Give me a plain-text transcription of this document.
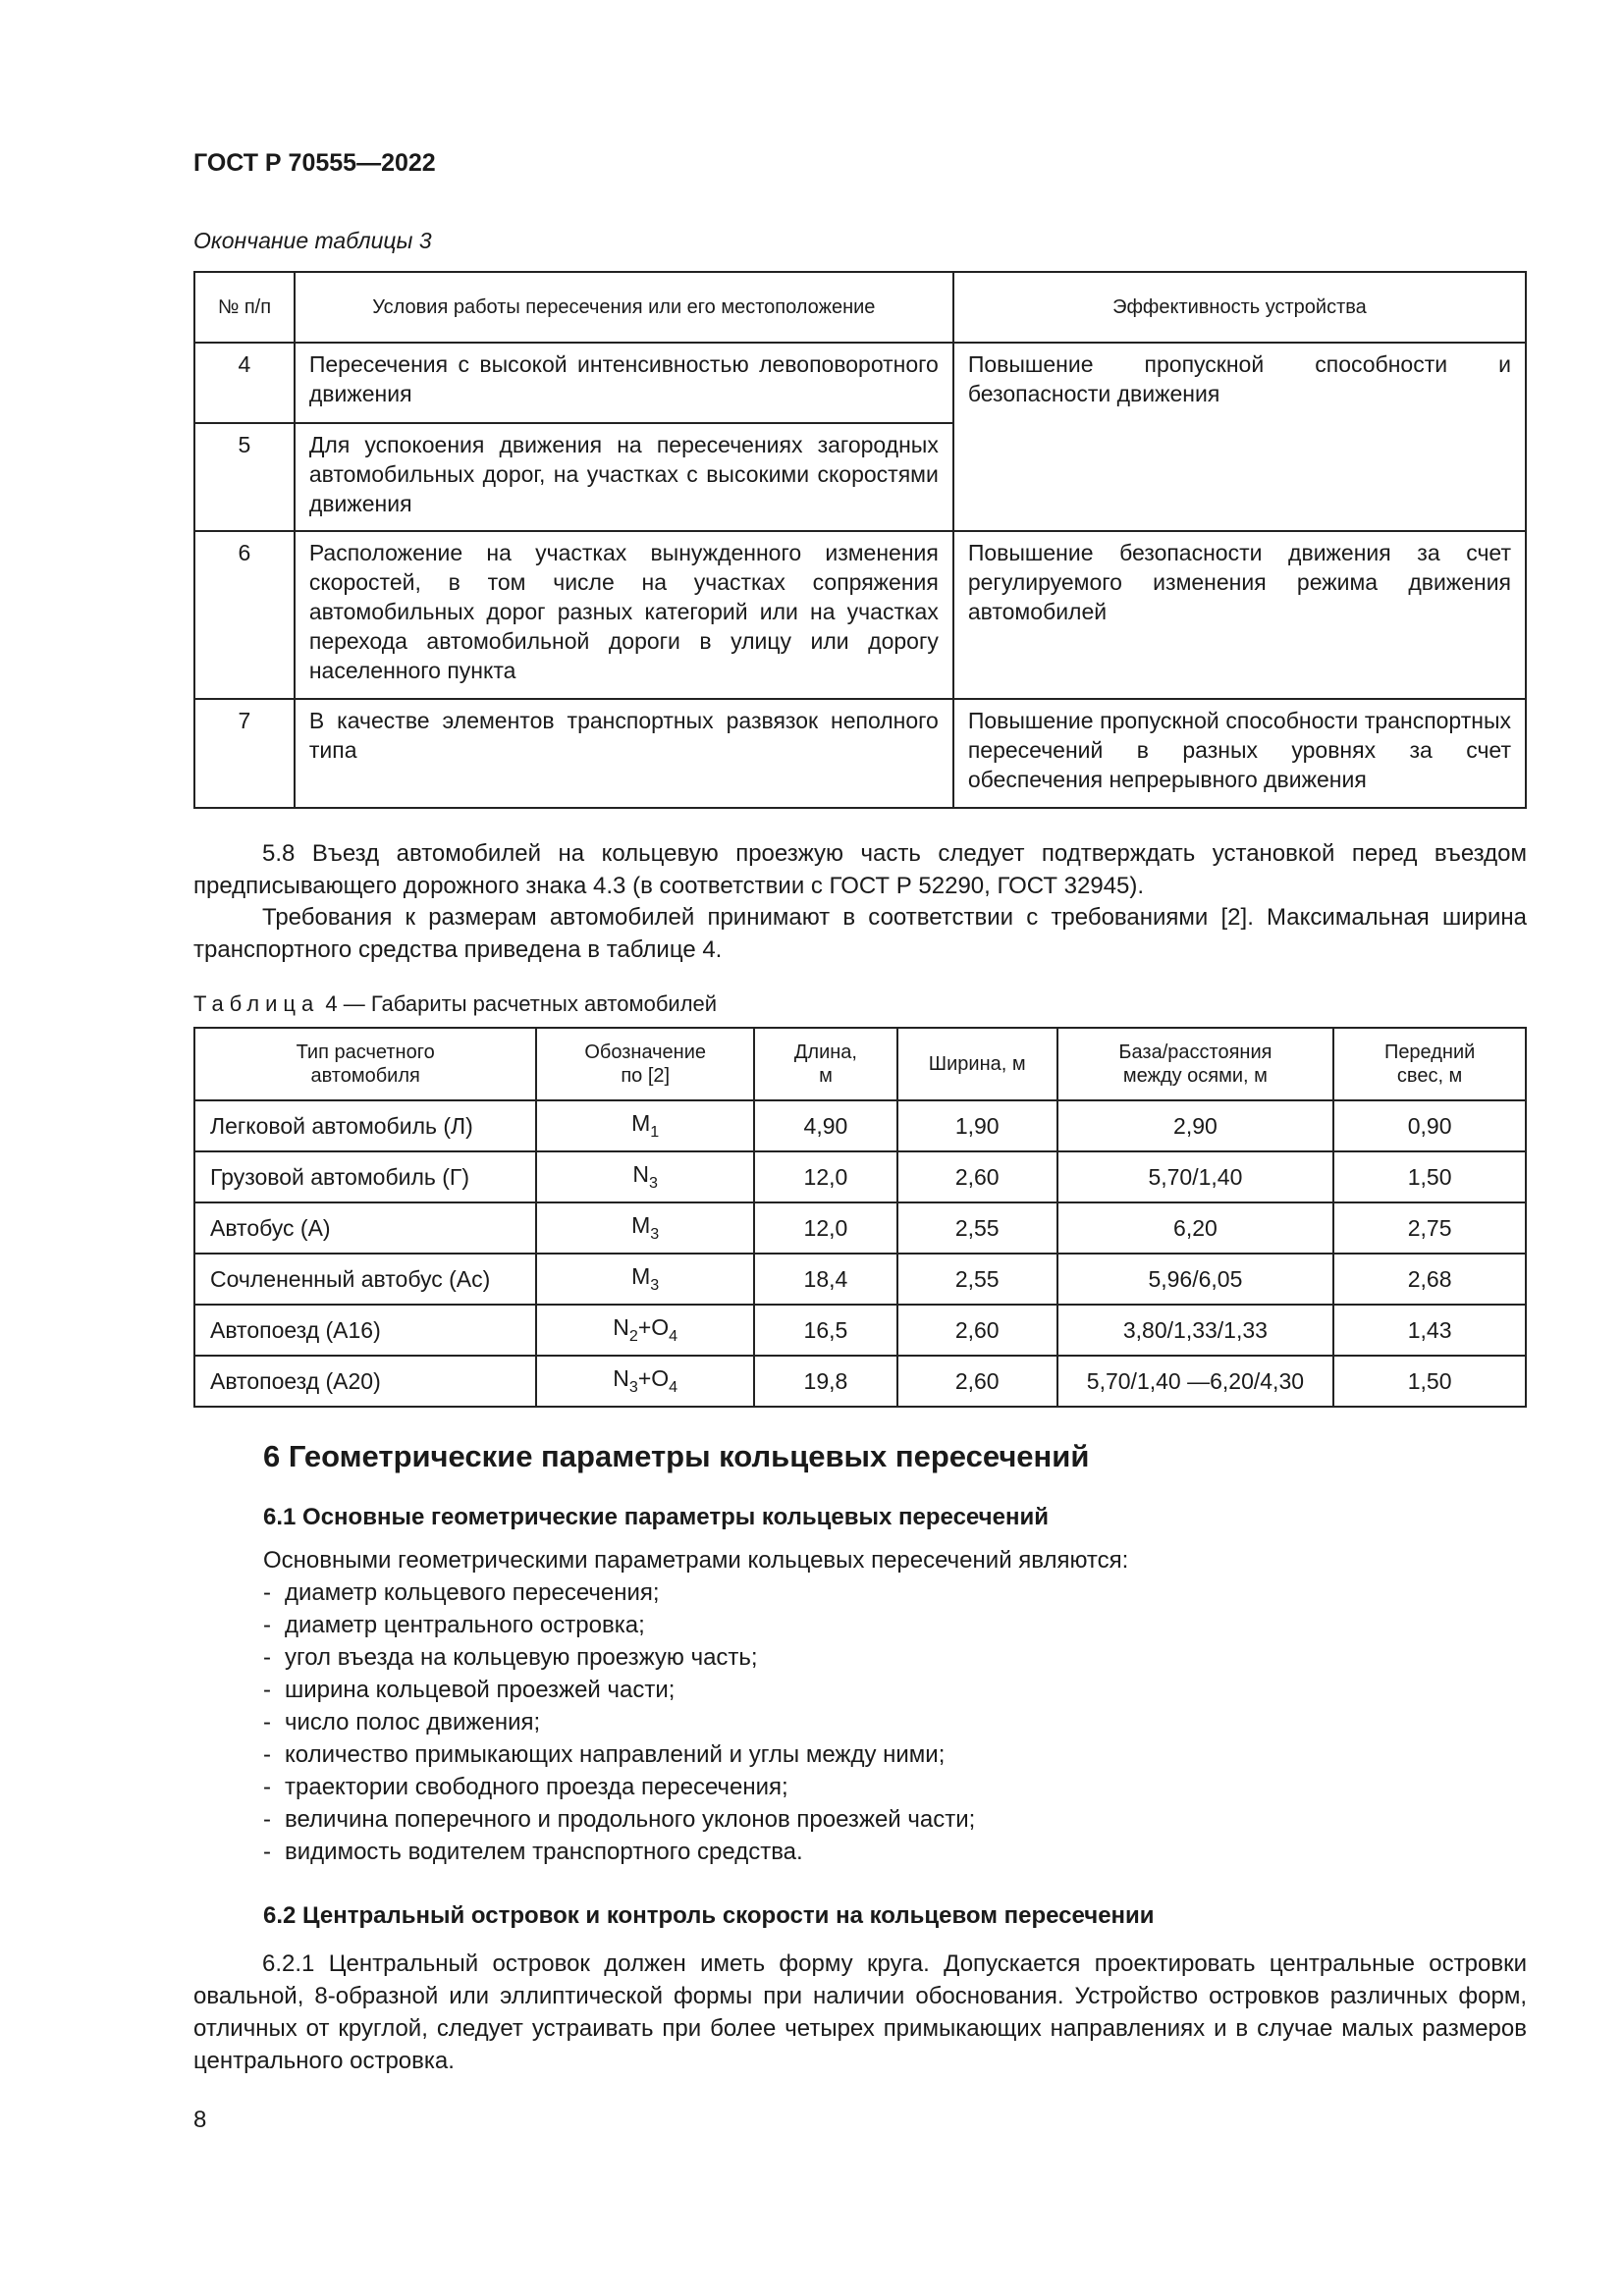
ГОСТ Р 70555—2022
Окончание таблицы 3
№ п/п	Условия работы пересечения или его местоположение	Эффективность устройства
4	Пересечения с высокой интенсивностью левоповоротного движения	Повышение пропускной способности и безопасности движения
5	Для успокоения движения на пересечениях загородных автомобильных дорог, на участках с высокими скоростями движения	
6	Расположение на участках вынужденного изменения скоростей, в том числе на участках сопряжения автомобильных дорог разных категорий или на участках перехода автомобильной дороги в улицу или дорогу населенного пункта	Повышение безопасности движения за счет регулируемого изменения режима движения автомобилей
7	В качестве элементов транспортных развязок неполного типа	Повышение пропускной способности транспортных пересечений в разных уровнях за счет обеспечения непрерывного движения
5.8 Въезд автомобилей на кольцевую проезжую часть следует подтверждать установкой перед въездом предписывающего дорожного знака 4.3 (в соответствии с ГОСТ Р 52290, ГОСТ 32945).
Требования к размерам автомобилей принимают в соответствии с требованиями [2]. Максимальная ширина транспортного средства приведена в таблице 4.
Таблица 4 — Габариты расчетных автомобилей
Тип расчетного автомобиля	Обозначение по [2]	Длина, м	Ширина, м	База/расстояния между осями, м	Передний свес, м

Легковой автомобиль (Л)	$M_1$	4,90	1,90	2,90	0,90
Грузовой автомобиль (Г)	$N_3$	12,0	2,60	5,70/1,40	1,50
Автобус (А)	$M_3$	12,0	2,55	6,20	2,75
Сочлененный автобус (Ас)	$M_3$	18,4	2,55	5,96/6,05	2,68
Автопоезд (А16)	$N_2+O_4$	16,5	2,60	3,80/1,33/1,33	1,43
Автопоезд (А20)	$N_3+O_4$	19,8	2,60	5,70/1,40 —6,20/4,30	1,50
6 Геометрические параметры кольцевых пересечений
6.1 Основные геометрические параметры кольцевых пересечений
Основными геометрическими параметрами кольцевых пересечений являются:
- диаметр кольцевого пересечения;
- диаметр центрального островка;
- угол въезда на кольцевую проезжую часть;
- ширина кольцевой проезжей части;
- число полос движения;
- количество примыкающих направлений и углы между ними;
- траектории свободного проезда пересечения;
- величина поперечного и продольного уклонов проезжей части;
- видимость водителем транспортного средства.
6.2 Центральный островок и контроль скорости на кольцевом пересечении
6.2.1 Центральный островок должен иметь форму круга. Допускается проектировать центральные островки овальной, 8-образной или эллиптической формы при наличии обоснования. Устройство островков различных форм, отличных от круглой, следует устраивать при более четырех примыкающих направлениях и в случае малых размеров центрального островка.
8
